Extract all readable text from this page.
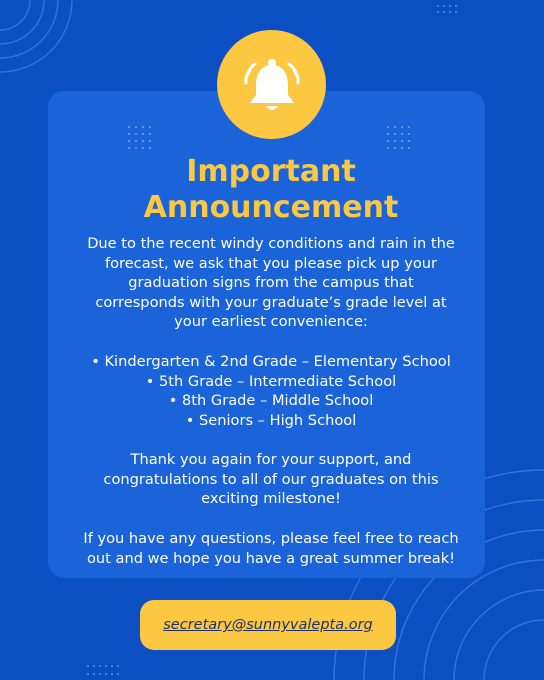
Important
Announcement

Due to the recent windy conditions and rain in the
forecast, we ask that you please pick up your
graduation signs from the campus that
corresponds with your graduate’s grade level at
your earliest convenience:

• Kindergarten & 2nd Grade – Elementary School
• 5th Grade – Intermediate School
• 8th Grade – Middle School
• Seniors – High School

Thank you again for your support, and
congratulations to all of our graduates on this
exciting milestone!

If you have any questions, please feel free to reach
out and we hope you have a great summer break!

secretary@sunnyvalepta.org
